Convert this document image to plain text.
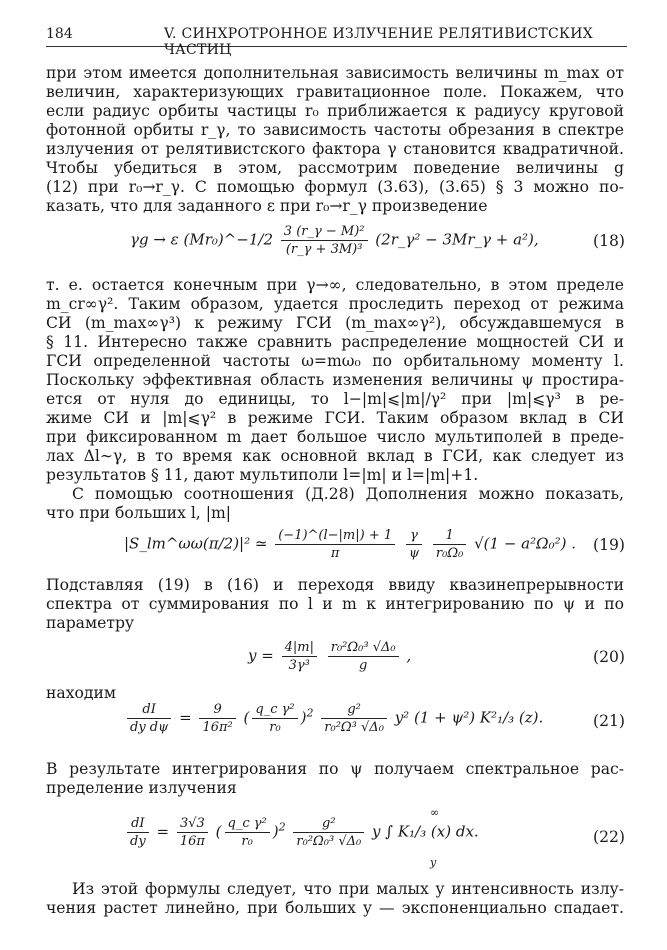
184	V. СИНХРОТРОННОЕ ИЗЛУЧЕНИЕ РЕЛЯТИВИСТСКИХ ЧАСТИЦ
при этом имеется дополнительная зависимость величины m_max от
величин, характеризующих гравитационное поле. Покажем, что
если радиус орбиты частицы r₀ приближается к радиусу круговой
фотонной орбиты r_γ, то зависимость частоты обрезания в спектре
излучения от релятивистского фактора γ становится квадратичной.
Чтобы убедиться в этом, рассмотрим поведение величины g
(12) при r₀→r_γ. С помощью формул (3.63), (3.65) § 3 можно по-
казать, что для заданного ε при r₀→r_γ произведение
γg → ε (Mr₀)^−1/2 $\frac{\text{3 (r\_γ − M)²}}{\text{(r\_γ + 3M)³}}$ (2r_γ² − 3Mr_γ + a²),	(18)
т. е. остается конечным при γ→∞, следовательно, в этом пределе
m_cr∞γ². Таким образом, удается проследить переход от режима
СИ (m_max∞γ³) к режиму ГСИ (m_max∞γ²), обсуждавшемуся в
§ 11. Интересно также сравнить распределение мощностей СИ и
ГСИ определенной частоты ω=mω₀ по орбитальному моменту l.
Поскольку эффективная область изменения величины ψ простира-
ется от нуля до единицы, то l−|m|⩽|m|/γ² при |m|⩽γ³ в ре-
жиме СИ и |m|⩽γ² в режиме ГСИ. Таким образом вклад в СИ
при фиксированном m дает большое число мультиполей в преде-
лах Δl∼γ, в то время как основной вклад в ГСИ, как следует из
результатов § 11, дают мультиполи l=|m| и l=|m|+1.
С помощью соотношения (Д.28) Дополнения можно показать,
что при больших l, |m|
|S_lm^ωω(π/2)|² ≃ $\frac{(-1)\^{}(l-|m|) + 1}{\pi}$
$\frac{\gamma}{\psi}$
$\frac{1}{\text{r₀Ω₀}} √(1 - a^2\Omega_0^2)$ . (19)
Подставляя (19) в (16) и переходя ввиду квазинепрерывности
спектра от суммирования по l и m к интегрированию по ψ и по
параметру
$y = \frac{4|m|}{\text{3γ³}}$
$\frac{\text{r₀²Ω₀³ √Δ₀}}{g}$ ,	(20)
находим
$\frac{dI}{\text{dy dψ}} = \frac{9}{\text{16π²}}$ ( $\frac{\text{q\_c γ²}}{\text{r₀}} )^2 \frac{\text{g²}}{\text{r₀²Ω³ √Δ₀}} y^2$ (1 + ψ²) K²₁/₃ (z).	(21)
В результате интегрирования по ψ получаем спектральное рас-
пределение излучения
$\frac{dI}{dy} = \frac{3√3}{16\pi}$ ( $\frac{\text{q\_c γ²}}{\text{r₀}} )^2 \frac{\text{g²}}{\text{r₀²Ω₀³ √Δ₀}}$ y ∫ K₁/₃ (x) dx.
∞
y
(22)
Из этой формулы следует, что при малых y интенсивность излу-
чения растет линейно, при больших y — экспоненциально спадает.
